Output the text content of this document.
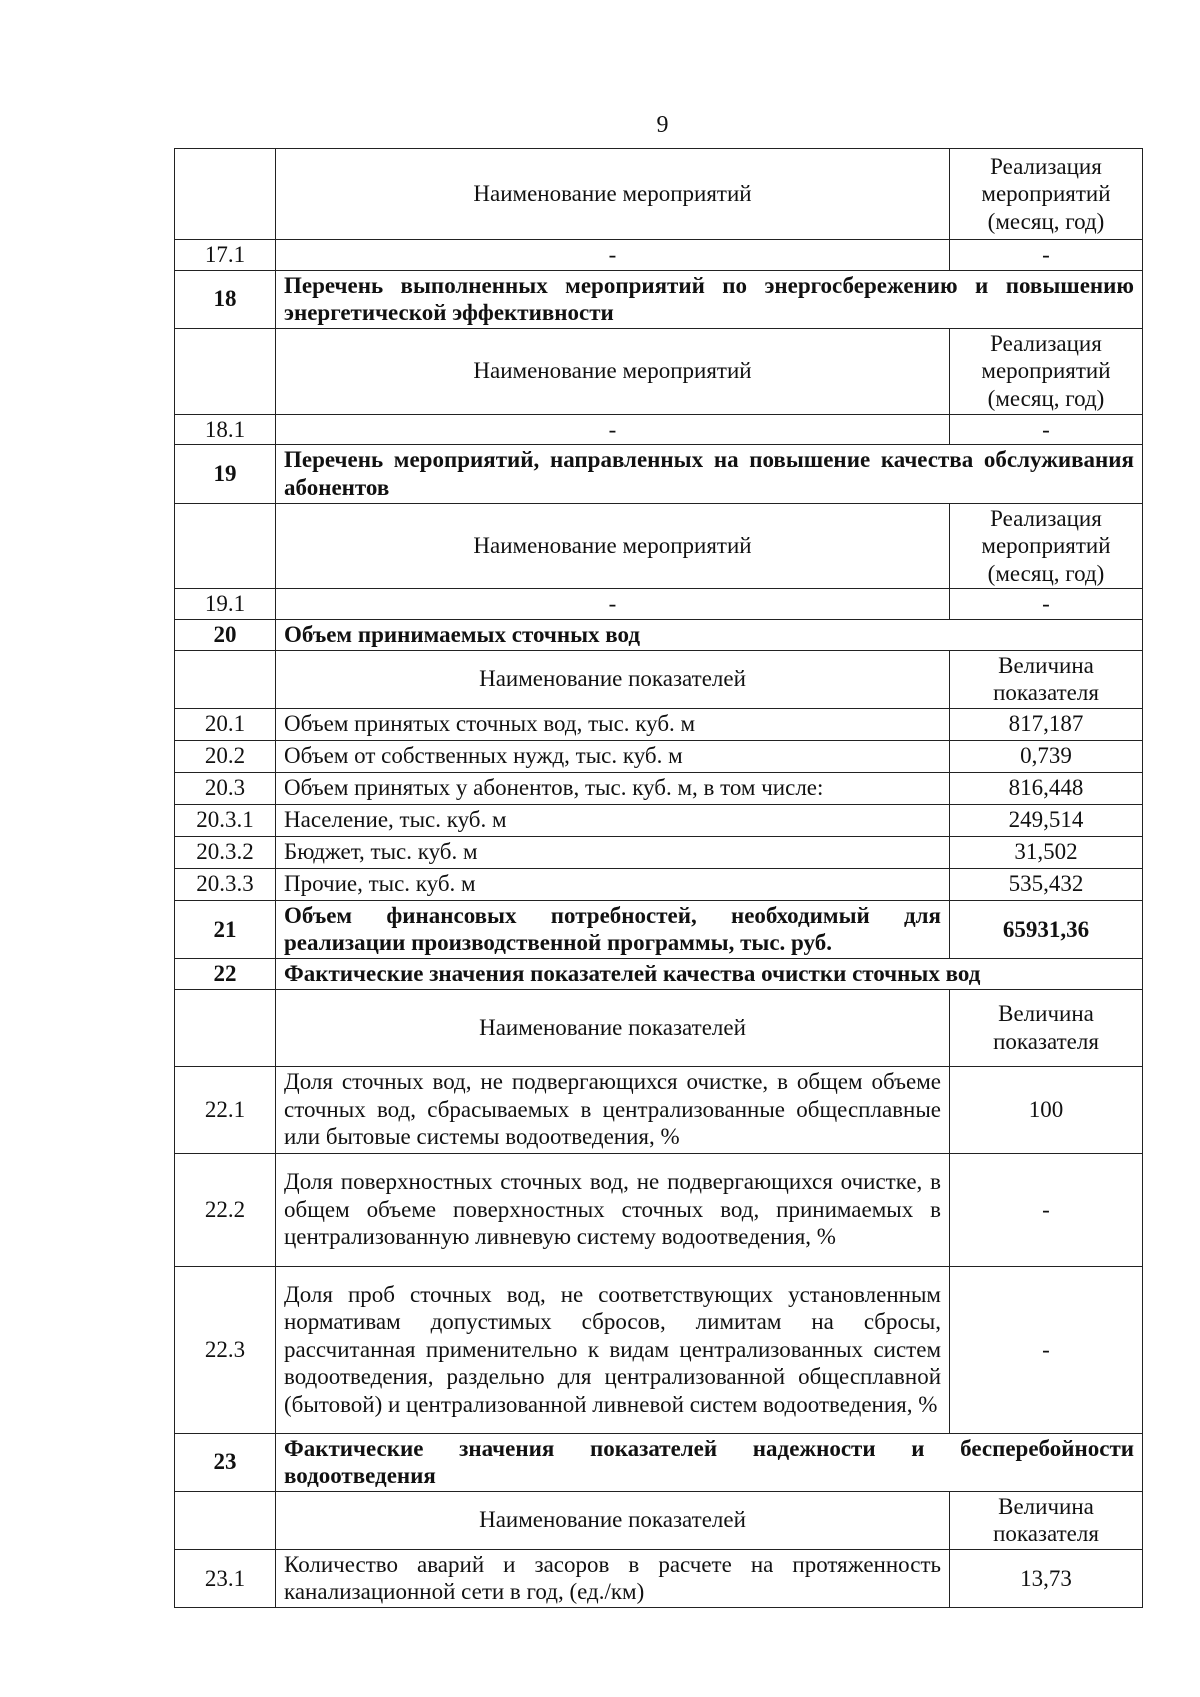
9
	Наименование мероприятий	Реализация мероприятий (месяц, год)
17.1	-	-
18	Перечень выполненных мероприятий по энергосбережению и повышению энергетической эффективности	
	Наименование мероприятий	Реализация мероприятий (месяц, год)
18.1	-	-
19	Перечень мероприятий, направленных на повышение качества обслуживания абонентов	
	Наименование мероприятий	Реализация мероприятий (месяц, год)
19.1	-	-
20	Объем принимаемых сточных вод	
	Наименование показателей	Величина показателя
20.1	Объем принятых сточных вод, тыс. куб. м	817,187
20.2	Объем от собственных нужд, тыс. куб. м	0,739
20.3	Объем принятых у абонентов, тыс. куб. м, в том числе:	816,448
20.3.1	Население, тыс. куб. м	249,514
20.3.2	Бюджет, тыс. куб. м	31,502
20.3.3	Прочие, тыс. куб. м	535,432
21	Объем финансовых потребностей, необходимый для реализации производственной программы, тыс. руб.	65931,36
22	Фактические значения показателей качества очистки сточных вод	
	Наименование показателей	Величина показателя
22.1	Доля сточных вод, не подвергающихся очистке, в общем объеме сточных вод, сбрасываемых в централизованные общесплавные или бытовые системы водоотведения, %	100
22.2	Доля поверхностных сточных вод, не подвергающихся очистке, в общем объеме поверхностных сточных вод, принимаемых в централизованную ливневую систему водоотведения, %	-
22.3	Доля проб сточных вод, не соответствующих установленным нормативам допустимых сбросов, лимитам на сбросы, рассчитанная применительно к видам централизованных систем водоотведения, раздельно для централизованной общесплавной (бытовой) и централизованной ливневой систем водоотведения, %	-
23	Фактические значения показателей надежности и бесперебойности водоотведения	
	Наименование показателей	Величина показателя
23.1	Количество аварий и засоров в расчете на протяженность канализационной сети в год, (ед./км)	13,73
